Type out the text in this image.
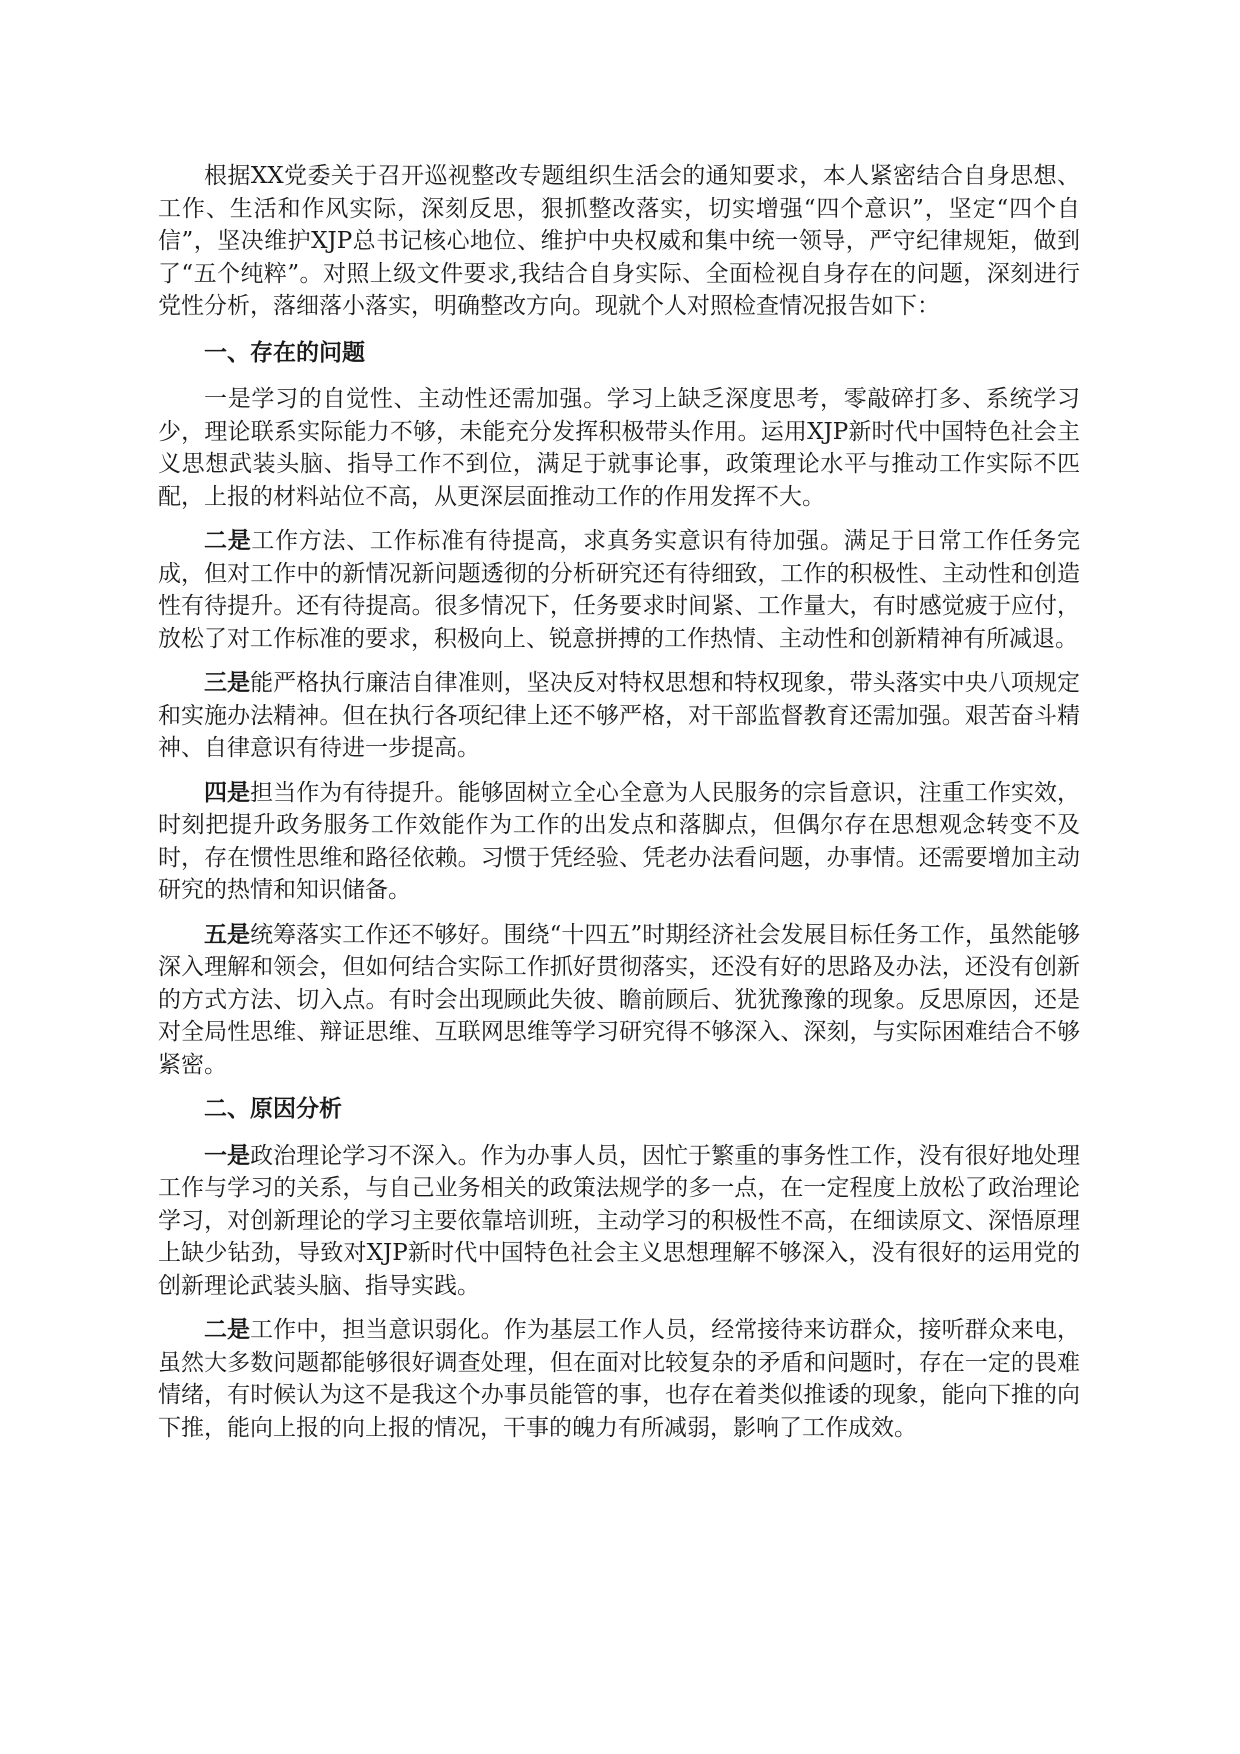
根据XX党委关于召开巡视整改专题组织生活会的通知要求，本人紧密结合自身思想、工作、生活和作风实际，深刻反思，狠抓整改落实，切实增强“四个意识”，坚定“四个自信”，坚决维护XJP总书记核心地位、维护中央权威和集中统一领导，严守纪律规矩，做到了“五个纯粹”。对照上级文件要求,我结合自身实际、全面检视自身存在的问题，深刻进行党性分析，落细落小落实，明确整改方向。现就个人对照检查情况报告如下：

一、存在的问题

一是学习的自觉性、主动性还需加强。学习上缺乏深度思考，零敲碎打多、系统学习少，理论联系实际能力不够，未能充分发挥积极带头作用。运用XJP新时代中国特色社会主义思想武装头脑、指导工作不到位，满足于就事论事，政策理论水平与推动工作实际不匹配，上报的材料站位不高，从更深层面推动工作的作用发挥不大。

二是工作方法、工作标准有待提高，求真务实意识有待加强。满足于日常工作任务完成，但对工作中的新情况新问题透彻的分析研究还有待细致，工作的积极性、主动性和创造性有待提升。还有待提高。很多情况下，任务要求时间紧、工作量大，有时感觉疲于应付，放松了对工作标准的要求，积极向上、锐意拼搏的工作热情、主动性和创新精神有所减退。

三是能严格执行廉洁自律准则，坚决反对特权思想和特权现象，带头落实中央八项规定和实施办法精神。但在执行各项纪律上还不够严格，对干部监督教育还需加强。艰苦奋斗精神、自律意识有待进一步提高。

四是担当作为有待提升。能够固树立全心全意为人民服务的宗旨意识，注重工作实效，时刻把提升政务服务工作效能作为工作的出发点和落脚点，但偶尔存在思想观念转变不及时，存在惯性思维和路径依赖。习惯于凭经验、凭老办法看问题，办事情。还需要增加主动研究的热情和知识储备。

五是统筹落实工作还不够好。围绕“十四五”时期经济社会发展目标任务工作，虽然能够深入理解和领会，但如何结合实际工作抓好贯彻落实，还没有好的思路及办法，还没有创新的方式方法、切入点。有时会出现顾此失彼、瞻前顾后、犹犹豫豫的现象。反思原因，还是对全局性思维、辩证思维、互联网思维等学习研究得不够深入、深刻，与实际困难结合不够紧密。

二、原因分析

一是政治理论学习不深入。作为办事人员，因忙于繁重的事务性工作，没有很好地处理工作与学习的关系，与自己业务相关的政策法规学的多一点，在一定程度上放松了政治理论学习，对创新理论的学习主要依靠培训班，主动学习的积极性不高，在细读原文、深悟原理上缺少钻劲，导致对XJP新时代中国特色社会主义思想理解不够深入，没有很好的运用党的创新理论武装头脑、指导实践。

二是工作中，担当意识弱化。作为基层工作人员，经常接待来访群众，接听群众来电，虽然大多数问题都能够很好调查处理，但在面对比较复杂的矛盾和问题时，存在一定的畏难情绪，有时候认为这不是我这个办事员能管的事，也存在着类似推诿的现象，能向下推的向下推，能向上报的向上报的情况，干事的魄力有所减弱，影响了工作成效。
